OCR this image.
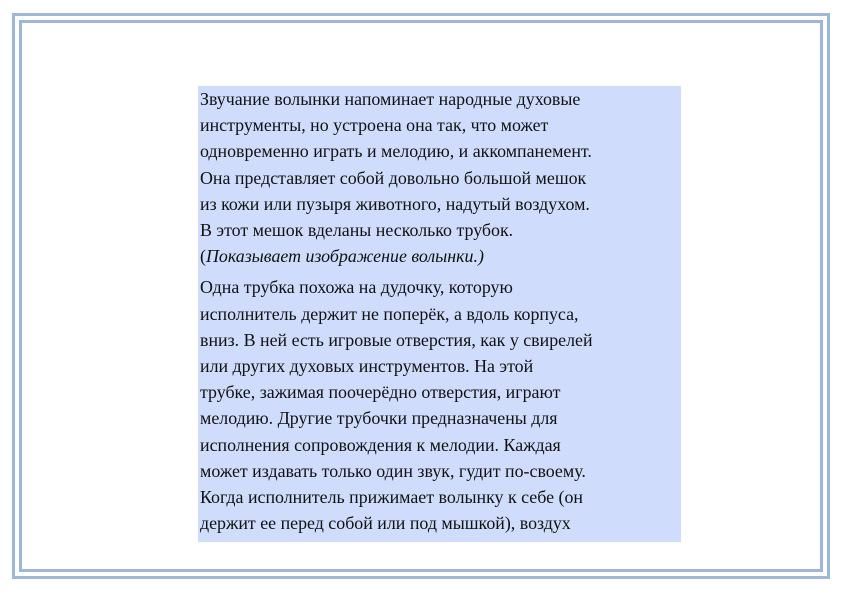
Звучание волынки напоминает народные духовые
инструменты, но устроена она так, что может
одновременно играть и мелодию, и аккомпанемент.
Она представляет собой довольно большой мешок
из кожи или пузыря животного, надутый воздухом.
В этот мешок вделаны несколько трубок.
(Показывает изображение волынки.)

Одна трубка похожа на дудочку, которую
исполнитель держит не поперёк, а вдоль корпуса,
вниз. В ней есть игровые отверстия, как у свирелей
или других духовых инструментов. На этой
трубке, зажимая поочерёдно отверстия, играют
мелодию. Другие трубочки предназначены для
исполнения сопровождения к мелодии. Каждая
может издавать только один звук, гудит по-своему.
Когда исполнитель прижимает волынку к себе (он
держит ее перед собой или под мышкой), воздух
